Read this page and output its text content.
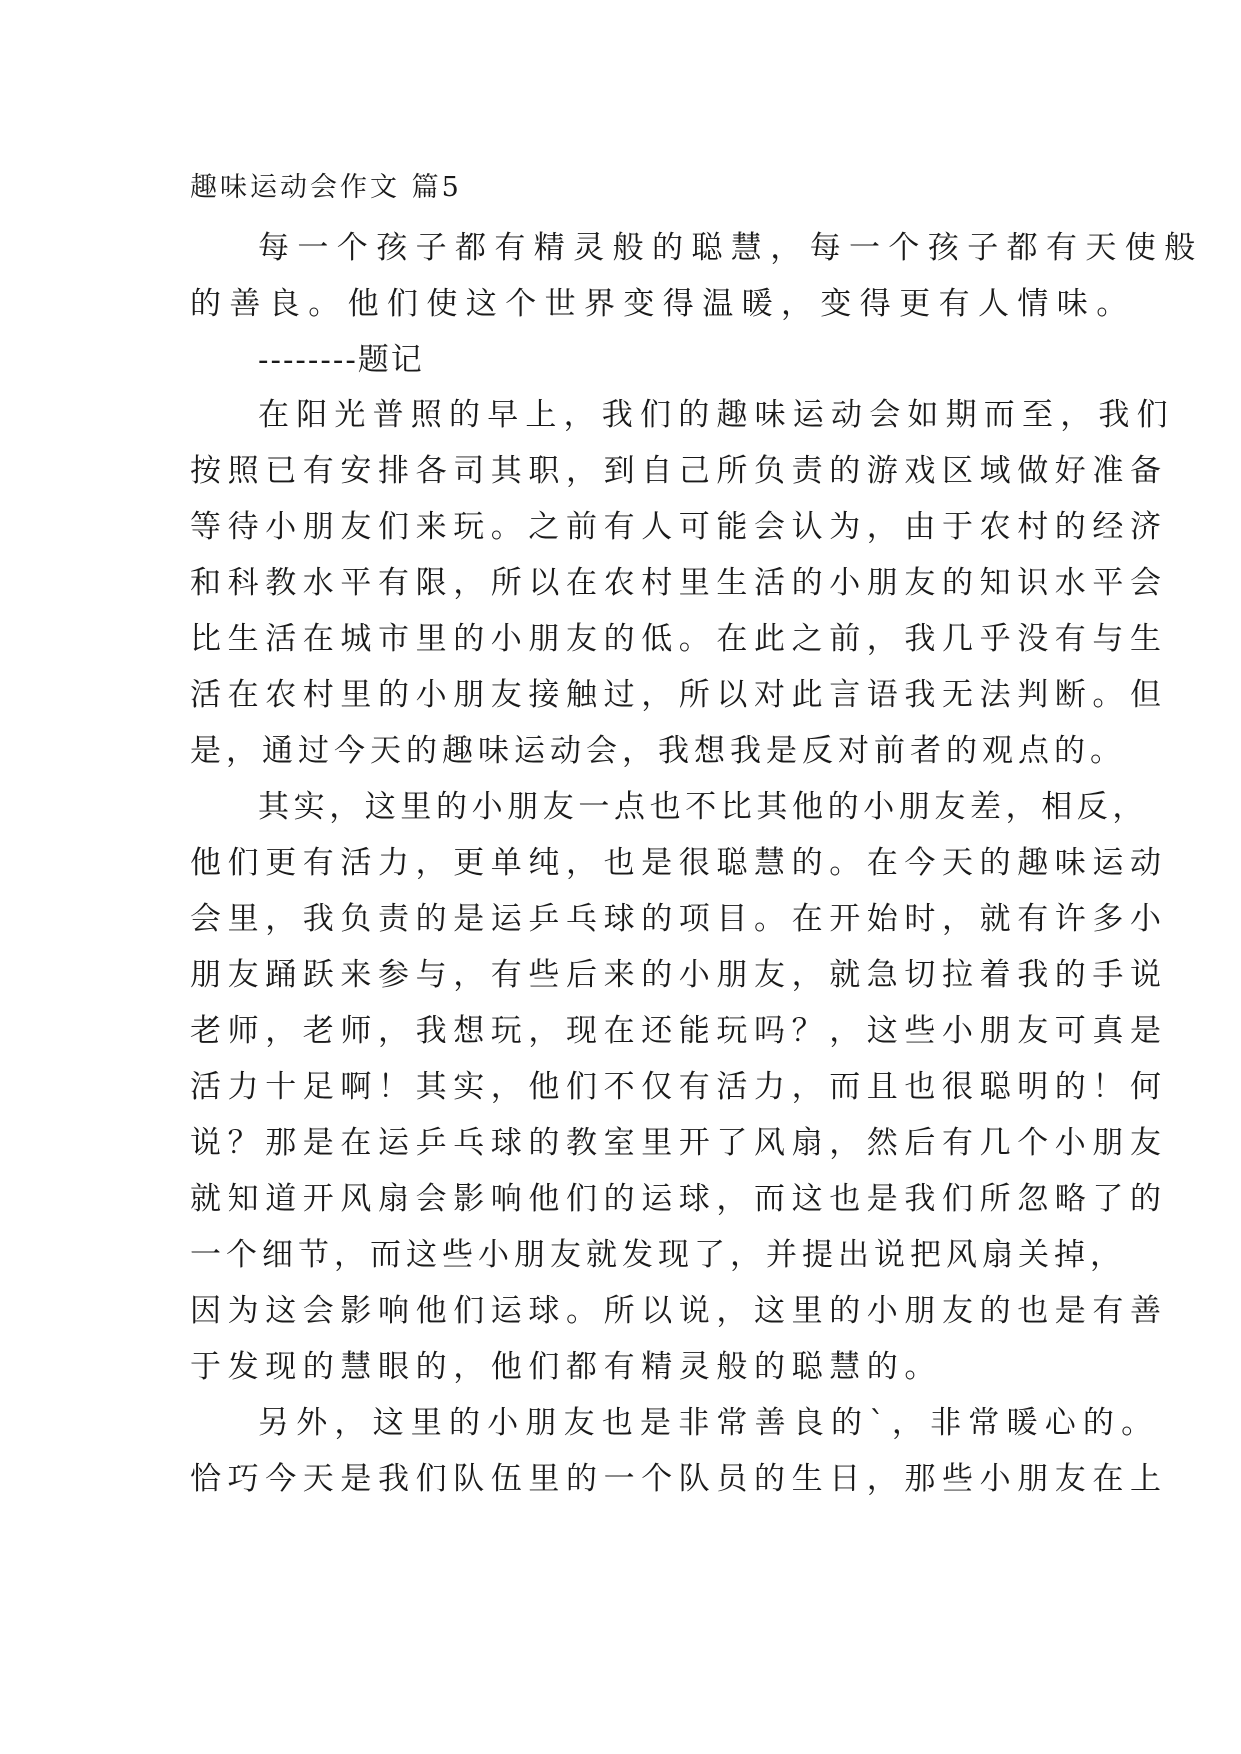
趣味运动会作文 篇5
每一个孩子都有精灵般的聪慧，每一个孩子都有天使般
的善良。他们使这个世界变得温暖，变得更有人情味。
--------题记
在阳光普照的早上，我们的趣味运动会如期而至，我们
按照已有安排各司其职，到自己所负责的游戏区域做好准备
等待小朋友们来玩。之前有人可能会认为，由于农村的经济
和科教水平有限，所以在农村里生活的小朋友的知识水平会
比生活在城市里的小朋友的低。在此之前，我几乎没有与生
活在农村里的小朋友接触过，所以对此言语我无法判断。但
是，通过今天的趣味运动会，我想我是反对前者的观点的。
其实，这里的小朋友一点也不比其他的小朋友差，相反，
他们更有活力，更单纯，也是很聪慧的。在今天的趣味运动
会里，我负责的是运乒乓球的项目。在开始时，就有许多小
朋友踊跃来参与，有些后来的小朋友，就急切拉着我的手说
老师，老师，我想玩，现在还能玩吗？，这些小朋友可真是
活力十足啊！其实，他们不仅有活力，而且也很聪明的！何
说？那是在运乒乓球的教室里开了风扇，然后有几个小朋友
就知道开风扇会影响他们的运球，而这也是我们所忽略了的
一个细节，而这些小朋友就发现了，并提出说把风扇关掉，
因为这会影响他们运球。所以说，这里的小朋友的也是有善
于发现的慧眼的，他们都有精灵般的聪慧的。
另外，这里的小朋友也是非常善良的`，非常暖心的。
恰巧今天是我们队伍里的一个队员的生日，那些小朋友在上
